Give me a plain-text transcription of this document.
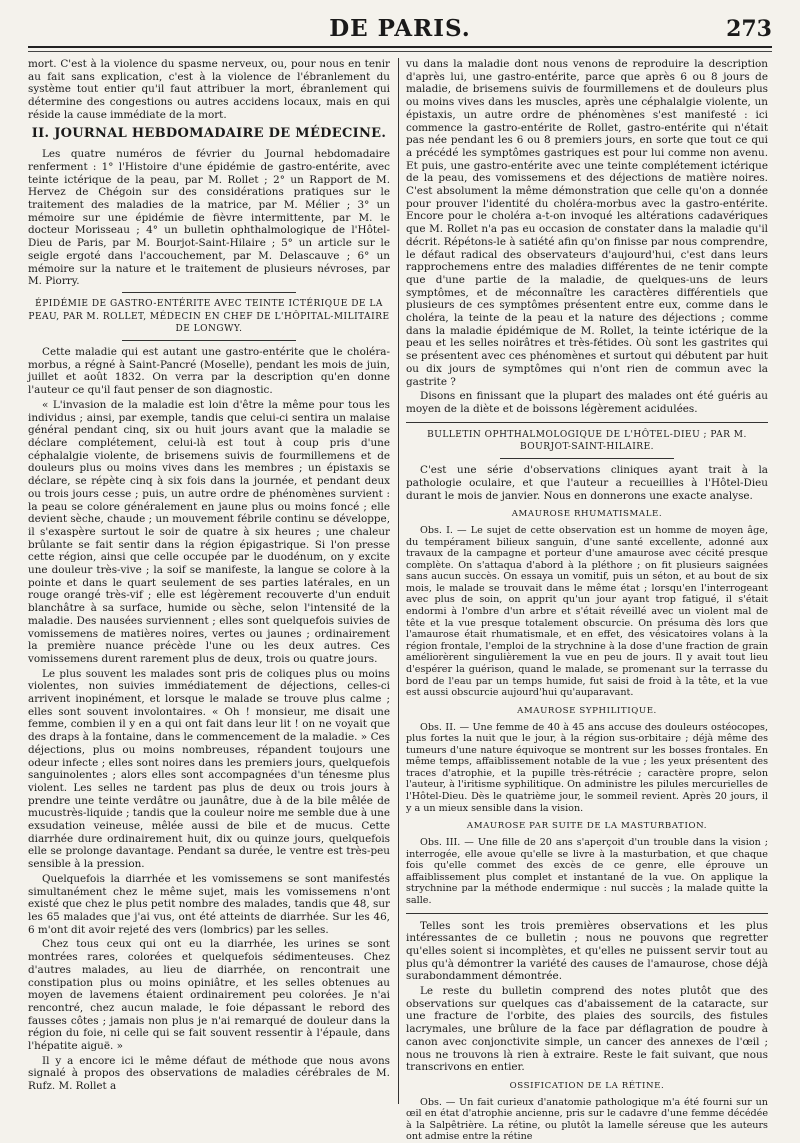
DE PARIS.	273

mort. C'est à la violence du spasme nerveux, ou, pour nous en tenir au fait sans explication, c'est à la violence de l'ébranlement du système tout entier qu'il faut attribuer la mort, ébranlement qui détermine des congestions ou autres accidens locaux, mais en qui réside la cause immédiate de la mort.

II. JOURNAL HEBDOMADAIRE DE MÉDECINE.

Les quatre numéros de février du Journal hebdomadaire renferment : 1° l'Histoire d'une épidémie de gastro-entérite, avec teinte ictérique de la peau, par M. Rollet ; 2° un Rapport de M. Hervez de Chégoin sur des considérations pratiques sur le traitement des maladies de la matrice, par M. Mélier ; 3° un mémoire sur une épidémie de fièvre intermittente, par M. le docteur Morisseau ; 4° un bulletin ophthalmologique de l'Hôtel-Dieu de Paris, par M. Bourjot-Saint-Hilaire ; 5° un article sur le seigle ergoté dans l'accouchement, par M. Delascauve ; 6° un mémoire sur la nature et le traitement de plusieurs névroses, par M. Piorry.

ÉPIDÉMIE DE GASTRO-ENTÉRITE AVEC TEINTE ICTÉRIQUE DE LA PEAU, PAR M. ROLLET, MÉDECIN EN CHEF DE L'HÔPITAL-MILITAIRE DE LONGWY.

Cette maladie qui est autant une gastro-entérite que le choléra-morbus, a régné à Saint-Pancré (Moselle), pendant les mois de juin, juillet et août 1832. On verra par la description qu'en donne l'auteur ce qu'il faut penser de son diagnostic.

« L'invasion de la maladie est loin d'être la même pour tous les individus ; ainsi, par exemple, tandis que celui-ci sentira un malaise général pendant cinq, six ou huit jours avant que la maladie se déclare complétement, celui-là est tout à coup pris d'une céphalalgie violente, de brisemens suivis de fourmillemens et de douleurs plus ou moins vives dans les membres ; un épistaxis se déclare, se répète cinq à six fois dans la journée, et pendant deux ou trois jours cesse ; puis, un autre ordre de phénomènes survient : la peau se colore généralement en jaune plus ou moins foncé ; elle devient sèche, chaude ; un mouvement fébrile continu se développe, il s'exaspère surtout le soir de quatre à six heures ; une chaleur brûlante se fait sentir dans la région épigastrique. Si l'on presse cette région, ainsi que celle occupée par le duodénum, on y excite une douleur très-vive ; la soif se manifeste, la langue se colore à la pointe et dans le quart seulement de ses parties latérales, en un rouge orangé très-vif ; elle est légèrement recouverte d'un enduit blanchâtre à sa surface, humide ou sèche, selon l'intensité de la maladie. Des nausées surviennent ; elles sont quelquefois suivies de vomissemens de matières noires, vertes ou jaunes ; ordinairement la première nuance précède l'une ou les deux autres. Ces vomissemens durent rarement plus de deux, trois ou quatre jours.

Le plus souvent les malades sont pris de coliques plus ou moins violentes, non suivies immédiatement de déjections, celles-ci arrivent inopinément, et lorsque le malade se trouve plus calme ; elles sont souvent involontaires. « Oh ! monsieur, me disait une femme, combien il y en a qui ont fait dans leur lit ! on ne voyait que des draps à la fontaine, dans le commencement de la maladie. » Ces déjections, plus ou moins nombreuses, répandent toujours une odeur infecte ; elles sont noires dans les premiers jours, quelquefois sanguinolentes ; alors elles sont accompagnées d'un ténesme plus violent. Les selles ne tardent pas plus de deux ou trois jours à prendre une teinte verdâtre ou jaunâtre, due à de la bile mêlée de mucustrès-liquide ; tandis que la couleur noire me semble due à une exsudation veineuse, mêlée aussi de bile et de mucus. Cette diarrhée dure ordinairement huit, dix ou quinze jours, quelquefois elle se prolonge davantage. Pendant sa durée, le ventre est très-peu sensible à la pression.

Quelquefois la diarrhée et les vomissemens se sont manifestés simultanément chez le même sujet, mais les vomissemens n'ont existé que chez le plus petit nombre des malades, tandis que 48, sur les 65 malades que j'ai vus, ont été atteints de diarrhée. Sur les 46, 6 m'ont dit avoir rejeté des vers (lombrics) par les selles.

Chez tous ceux qui ont eu la diarrhée, les urines se sont montrées rares, colorées et quelquefois sédimenteuses. Chez d'autres malades, au lieu de diarrhée, on rencontrait une constipation plus ou moins opiniâtre, et les selles obtenues au moyen de lavemens étaient ordinairement peu colorées. Je n'ai rencontré, chez aucun malade, le foie dépassant le rebord des fausses côtes ; jamais non plus je n'ai remarqué de douleur dans la région du foie, ni celle qui se fait souvent ressentir à l'épaule, dans l'hépatite aiguë. »

Il y a encore ici le même défaut de méthode que nous avons signalé à propos des observations de maladies cérébrales de M. Rufz. M. Rollet a

vu dans la maladie dont nous venons de reproduire la description d'après lui, une gastro-entérite, parce que après 6 ou 8 jours de maladie, de brisemens suivis de fourmillemens et de douleurs plus ou moins vives dans les muscles, après une céphalalgie violente, un épistaxis, un autre ordre de phénomènes s'est manifesté : ici commence la gastro-entérite de Rollet, gastro-entérite qui n'était pas née pendant les 6 ou 8 premiers jours, en sorte que tout ce qui a précédé les symptômes gastriques est pour lui comme non avenu. Et puis, une gastro-entérite avec une teinte complétement ictérique de la peau, des vomissemens et des déjections de matière noires. C'est absolument la même démonstration que celle qu'on a donnée pour prouver l'identité du choléra-morbus avec la gastro-entérite. Encore pour le choléra a-t-on invoqué les altérations cadavériques que M. Rollet n'a pas eu occasion de constater dans la maladie qu'il décrit. Répétons-le à satiété afin qu'on finisse par nous comprendre, le défaut radical des observateurs d'aujourd'hui, c'est dans leurs rapprochemens entre des maladies différentes de ne tenir compte que d'une partie de la maladie, de quelques-uns de leurs symptômes, et de méconnaître les caractères différentiels que plusieurs de ces symptômes présentent entre eux, comme dans le choléra, la teinte de la peau et la nature des déjections ; comme dans la maladie épidémique de M. Rollet, la teinte ictérique de la peau et les selles noirâtres et très-fétides. Où sont les gastrites qui se présentent avec ces phénomènes et surtout qui débutent par huit ou dix jours de symptômes qui n'ont rien de commun avec la gastrite ?

Disons en finissant que la plupart des malades ont été guéris au moyen de la diète et de boissons légèrement acidulées.

BULLETIN OPHTHALMOLOGIQUE DE L'HÔTEL-DIEU ; PAR M. BOURJOT-SAINT-HILAIRE.

C'est une série d'observations cliniques ayant trait à la pathologie oculaire, et que l'auteur a recueillies à l'Hôtel-Dieu durant le mois de janvier. Nous en donnerons une exacte analyse.

AMAUROSE RHUMATISMALE.

Obs. I. — Le sujet de cette observation est un homme de moyen âge, du tempérament bilieux sanguin, d'une santé excellente, adonné aux travaux de la campagne et porteur d'une amaurose avec cécité presque complète. On s'attaqua d'abord à la pléthore ; on fit plusieurs saignées sans aucun succès. On essaya un vomitif, puis un séton, et au bout de six mois, le malade se trouvait dans le même état ; lorsqu'en l'interrogeant avec plus de soin, on apprit qu'un jour ayant trop fatigué, il s'était endormi à l'ombre d'un arbre et s'était réveillé avec un violent mal de tête et la vue presque totalement obscurcie. On présuma dès lors que l'amaurose était rhumatismale, et en effet, des vésicatoires volans à la région frontale, l'emploi de la strychnine à la dose d'une fraction de grain améliorèrent singulièrement la vue en peu de jours. Il y avait tout lieu d'espérer la guérison, quand le malade, se promenant sur la terrasse du bord de l'eau par un temps humide, fut saisi de froid à la tête, et la vue est aussi obscurcie aujourd'hui qu'auparavant.

AMAUROSE SYPHILITIQUE.

Obs. II. — Une femme de 40 à 45 ans accuse des douleurs ostéocopes, plus fortes la nuit que le jour, à la région sus-orbitaire ; déjà même des tumeurs d'une nature équivoque se montrent sur les bosses frontales. En même temps, affaiblissement notable de la vue ; les yeux présentent des traces d'atrophie, et la pupille très-rétrécie ; caractère propre, selon l'auteur, à l'iritisme syphilitique. On administre les pilules mercurielles de l'Hôtel-Dieu. Dès le quatrième jour, le sommeil revient. Après 20 jours, il y a un mieux sensible dans la vision.

AMAUROSE PAR SUITE DE LA MASTURBATION.

Obs. III. — Une fille de 20 ans s'aperçoit d'un trouble dans la vision ; interrogée, elle avoue qu'elle se livre à la masturbation, et que chaque fois qu'elle commet des excès de ce genre, elle éprouve un affaiblissement plus complet et instantané de la vue. On applique la strychnine par la méthode endermique : nul succès ; la malade quitte la salle.

Telles sont les trois premières observations et les plus intéressantes de ce bulletin ; nous ne pouvons que regretter qu'elles soient si incomplètes, et qu'elles ne puissent servir tout au plus qu'à démontrer la variété des causes de l'amaurose, chose déjà surabondamment démontrée.

Le reste du bulletin comprend des notes plutôt que des observations sur quelques cas d'abaissement de la cataracte, sur une fracture de l'orbite, des plaies des sourcils, des fistules lacrymales, une brûlure de la face par déflagration de poudre à canon avec conjonctivite simple, un cancer des annexes de l'œil ; nous ne trouvons là rien à extraire. Reste le fait suivant, que nous transcrivons en entier.

OSSIFICATION DE LA RÉTINE.

Obs. — Un fait curieux d'anatomie pathologique m'a été fourni sur un œil en état d'atrophie ancienne, pris sur le cadavre d'une femme décédée à la Salpêtrière. La rétine, ou plutôt la lamelle séreuse que les auteurs ont admise entre la rétine
